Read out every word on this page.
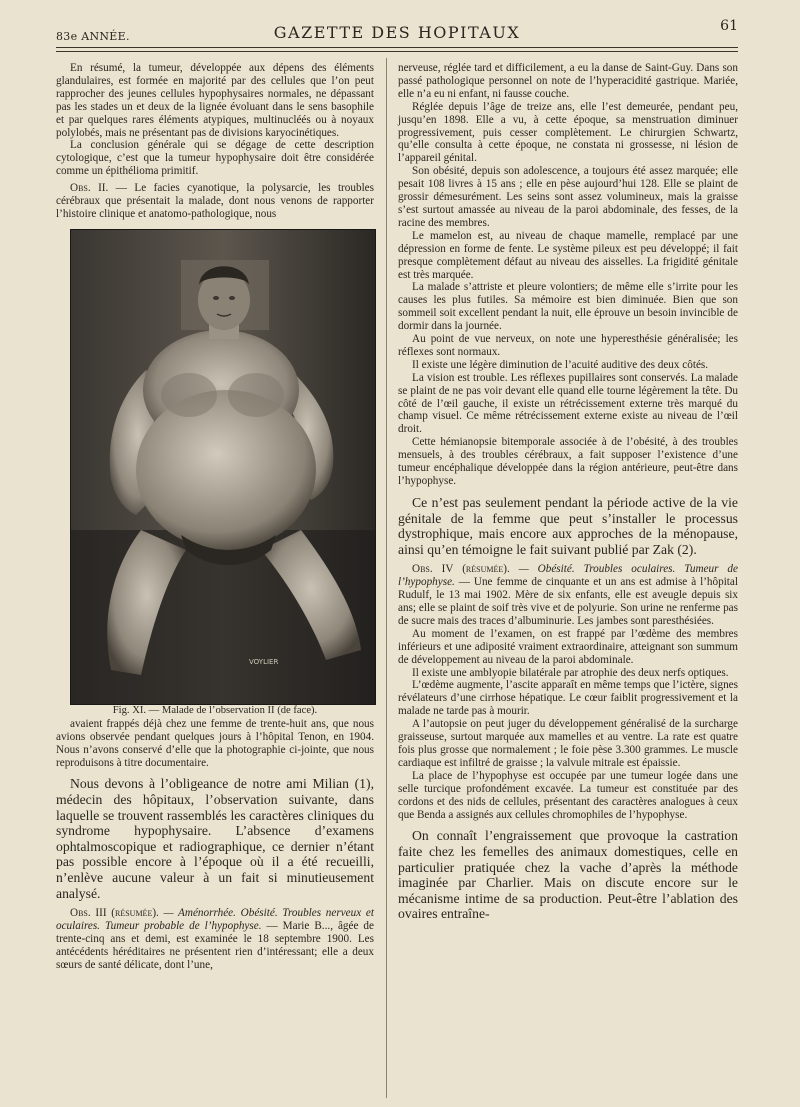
83e ANNÉE.	GAZETTE DES HOPITAUX	61

En résumé, la tumeur, développée aux dépens des éléments glandulaires, est formée en majorité par des cellules que l’on peut rapprocher des jeunes cellules hypophysaires normales, ne dépassant pas les stades un et deux de la lignée évoluant dans le sens basophile et par quelques rares éléments atypiques, multinucléés ou à noyaux polylobés, mais ne présentant pas de divisions karyocinétiques.

La conclusion générale qui se dégage de cette description cytologique, c’est que la tumeur hypophysaire doit être considérée comme un épithélioma primitif.

Obs. II. — Le facies cyanotique, la polysarcie, les troubles cérébraux que présentait la malade, dont nous venons de rapporter l’histoire clinique et anatomo-pathologique, nous

VOYLIER

Fig. XI. — Malade de l’observation II (de face).

avaient frappés déjà chez une femme de trente-huit ans, que nous avions observée pendant quelques jours à l’hôpital Tenon, en 1904. Nous n’avons conservé d’elle que la photographie ci-jointe, que nous reproduisons à titre documentaire.

Nous devons à l’obligeance de notre ami Milian (1), médecin des hôpitaux, l’observation suivante, dans laquelle se trouvent rassemblés les caractères cliniques du syndrome hypophysaire. L’absence d’examens ophtalmoscopique et radiographique, ce dernier n’étant pas possible encore à l’époque où il a été recueilli, n’enlève aucune valeur à un fait si minutieusement analysé.

Obs. III (résumée). — Aménorrhée. Obésité. Troubles nerveux et oculaires. Tumeur probable de l’hypophyse. — Marie B..., âgée de trente-cinq ans et demi, est examinée le 18 septembre 1900. Les antécédents héréditaires ne présentent rien d’intéressant; elle a deux sœurs de santé délicate, dont l’une,

nerveuse, réglée tard et difficilement, a eu la danse de Saint-Guy. Dans son passé pathologique personnel on note de l’hyperacidité gastrique. Mariée, elle n’a eu ni enfant, ni fausse couche.

Réglée depuis l’âge de treize ans, elle l’est demeurée, pendant peu, jusqu’en 1898. Elle a vu, à cette époque, sa menstruation diminuer progressivement, puis cesser complètement. Le chirurgien Schwartz, qu’elle consulta à cette époque, ne constata ni grossesse, ni lésion de l’appareil génital.

Son obésité, depuis son adolescence, a toujours été assez marquée; elle pesait 108 livres à 15 ans ; elle en pèse aujourd’hui 128. Elle se plaint de grossir démesurément. Les seins sont assez volumineux, mais la graisse s’est surtout amassée au niveau de la paroi abdominale, des fesses, de la racine des membres.

Le mamelon est, au niveau de chaque mamelle, remplacé par une dépression en forme de fente. Le système pileux est peu développé; il fait presque complètement défaut au niveau des aisselles. La frigidité génitale est très marquée.

La malade s’attriste et pleure volontiers; de même elle s’irrite pour les causes les plus futiles. Sa mémoire est bien diminuée. Bien que son sommeil soit excellent pendant la nuit, elle éprouve un besoin invincible de dormir dans la journée.

Au point de vue nerveux, on note une hyperesthésie généralisée; les réflexes sont normaux.

Il existe une légère diminution de l’acuité auditive des deux côtés.

La vision est trouble. Les réflexes pupillaires sont conservés. La malade se plaint de ne pas voir devant elle quand elle tourne légèrement la tête. Du côté de l’œil gauche, il existe un rétrécissement externe très marqué du champ visuel. Ce même rétrécissement externe existe au niveau de l’œil droit.

Cette hémianopsie bitemporale associée à de l’obésité, à des troubles mensuels, à des troubles cérébraux, a fait supposer l’existence d’une tumeur encéphalique développée dans la région antérieure, peut-être dans l’hypophyse.

Ce n’est pas seulement pendant la période active de la vie génitale de la femme que peut s’installer le processus dystrophique, mais encore aux approches de la ménopause, ainsi qu’en témoigne le fait suivant publié par Zak (2).

Obs. IV (résumée). — Obésité. Troubles oculaires. Tumeur de l’hypophyse. — Une femme de cinquante et un ans est admise à l’hôpital Rudulf, le 13 mai 1902. Mère de six enfants, elle est aveugle depuis six ans; elle se plaint de soif très vive et de polyurie. Son urine ne renferme pas de sucre mais des traces d’albuminurie. Les jambes sont paresthésiées.

Au moment de l’examen, on est frappé par l’œdème des membres inférieurs et une adiposité vraiment extraordinaire, atteignant son summum de développement au niveau de la paroi abdominale.

Il existe une amblyopie bilatérale par atrophie des deux nerfs optiques.

L’œdème augmente, l’ascite apparaît en même temps que l’ictère, signes révélateurs d’une cirrhose hépatique. Le cœur faiblit progressivement et la malade ne tarde pas à mourir.

A l’autopsie on peut juger du développement généralisé de la surcharge graisseuse, surtout marquée aux mamelles et au ventre. La rate est quatre fois plus grosse que normalement ; le foie pèse 3.300 grammes. Le muscle cardiaque est infiltré de graisse ; la valvule mitrale est épaissie.

La place de l’hypophyse est occupée par une tumeur logée dans une selle turcique profondément excavée. La tumeur est constituée par des cordons et des nids de cellules, présentant des caractères analogues à ceux que Benda a assignés aux cellules chromophiles de l’hypophyse.

On connaît l’engraissement que provoque la castration faite chez les femelles des animaux domestiques, celle en particulier pratiquée chez la vache d’après la méthode imaginée par Charlier. Mais on discute encore sur le mécanisme intime de sa production. Peut-être l’ablation des ovaires entraîne-
